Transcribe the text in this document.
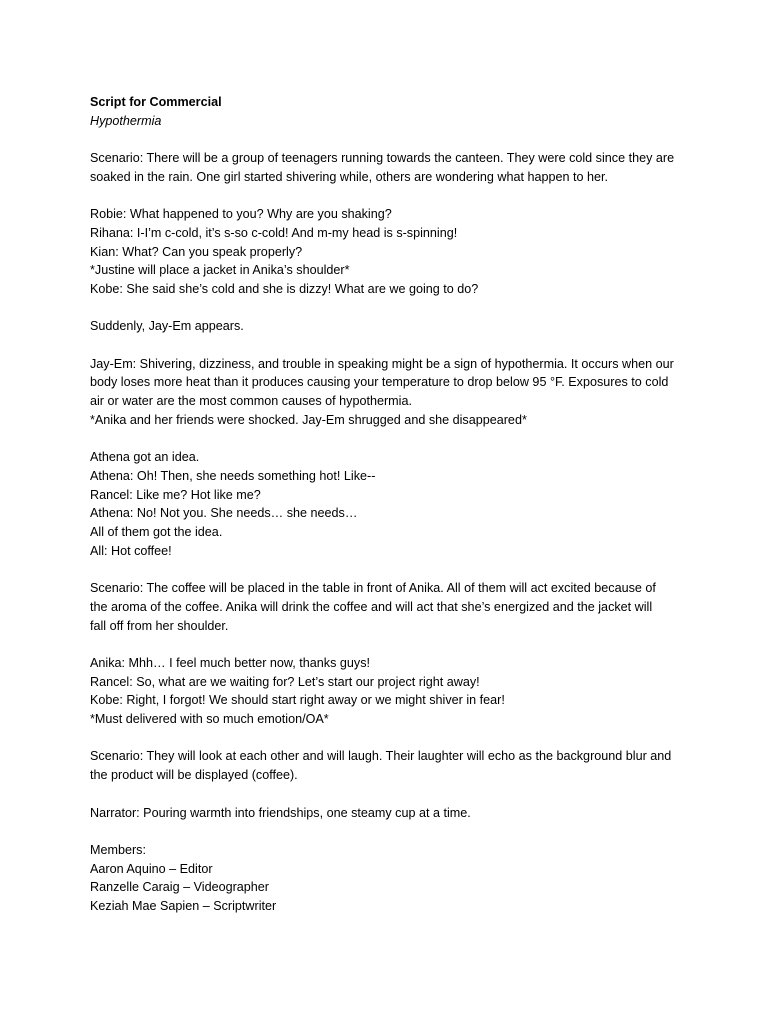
Script for Commercial
Hypothermia
Scenario: There will be a group of teenagers running towards the canteen. They were cold since they are
soaked in the rain. One girl started shivering while, others are wondering what happen to her.
Robie: What happened to you? Why are you shaking?
Rihana: I-I’m c-cold, it’s s-so c-cold! And m-my head is s-spinning!
Kian: What? Can you speak properly?
*Justine will place a jacket in Anika’s shoulder*
Kobe: She said she’s cold and she is dizzy! What are we going to do?
Suddenly, Jay-Em appears.
Jay-Em: Shivering, dizziness, and trouble in speaking might be a sign of hypothermia. It occurs when our
body loses more heat than it produces causing your temperature to drop below 95 °F. Exposures to cold
air or water are the most common causes of hypothermia.
*Anika and her friends were shocked. Jay-Em shrugged and she disappeared*
Athena got an idea.
Athena: Oh! Then, she needs something hot! Like--
Rancel: Like me? Hot like me?
Athena: No! Not you. She needs… she needs…
All of them got the idea.
All: Hot coffee!
Scenario: The coffee will be placed in the table in front of Anika. All of them will act excited because of
the aroma of the coffee. Anika will drink the coffee and will act that she’s energized and the jacket will
fall off from her shoulder.
Anika: Mhh… I feel much better now, thanks guys!
Rancel: So, what are we waiting for? Let’s start our project right away!
Kobe: Right, I forgot! We should start right away or we might shiver in fear!
*Must delivered with so much emotion/OA*
Scenario: They will look at each other and will laugh. Their laughter will echo as the background blur and
the product will be displayed (coffee).
Narrator: Pouring warmth into friendships, one steamy cup at a time.
Members:
Aaron Aquino – Editor
Ranzelle Caraig – Videographer
Keziah Mae Sapien – Scriptwriter
